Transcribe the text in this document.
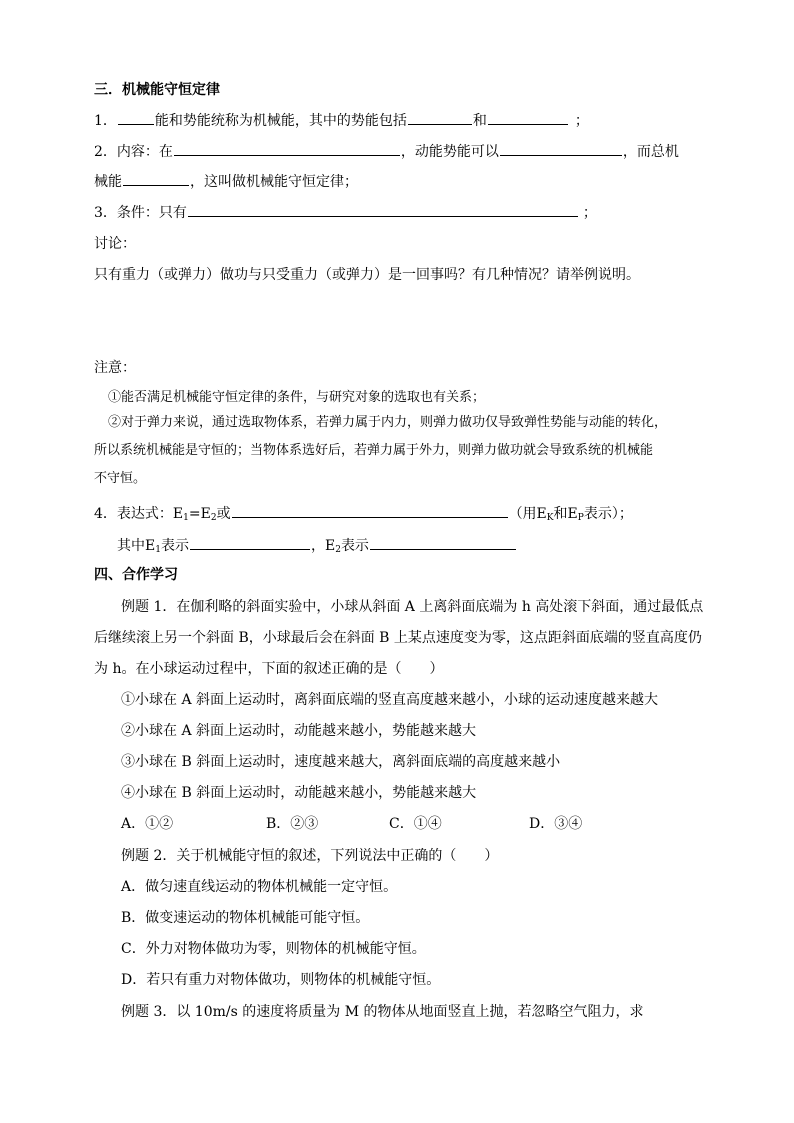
三．机械能守恒定律
1．	能和势能统称为机械能，其中的势能包括	和	；
2．内容：在	，动能势能可以	，而总机
械能	，这叫做机械能守恒定律；
3．条件：只有	；
讨论：
只有重力（或弹力）做功与只受重力（或弹力）是一回事吗？有几种情况？请举例说明。
注意：
①能否满足机械能守恒定律的条件，与研究对象的选取也有关系；
②对于弹力来说，通过选取物体系，若弹力属于内力，则弹力做功仅导致弹性势能与动能的转化，
所以系统机械能是守恒的；当物体系选好后，若弹力属于外力，则弹力做功就会导致系统的机械能
不守恒。
4．表达式：$E_1=E_2$或	（用$E_K$和$E_P$表示）；
其中$E_1$表示	，$E_2$表示
四、合作学习
例题 1．在伽利略的斜面实验中，小球从斜面 A 上离斜面底端为 h 高处滚下斜面，通过最低点
后继续滚上另一个斜面 B，小球最后会在斜面 B 上某点速度变为零，这点距斜面底端的竖直高度仍
为 h。在小球运动过程中，下面的叙述正确的是（　　）
①小球在 A 斜面上运动时，离斜面底端的竖直高度越来越小，小球的运动速度越来越大
②小球在 A 斜面上运动时，动能越来越小，势能越来越大
③小球在 B 斜面上运动时，速度越来越大，离斜面底端的高度越来越小
④小球在 B 斜面上运动时，动能越来越小，势能越来越大
A．①②	B．②③	C．①④	D．③④
例题 2．关于机械能守恒的叙述，下列说法中正确的（　　）
A．做匀速直线运动的物体机械能一定守恒。
B．做变速运动的物体机械能可能守恒。
C．外力对物体做功为零，则物体的机械能守恒。
D．若只有重力对物体做功，则物体的机械能守恒。
例题 3．以 10m/s 的速度将质量为 M 的物体从地面竖直上抛，若忽略空气阻力，求
